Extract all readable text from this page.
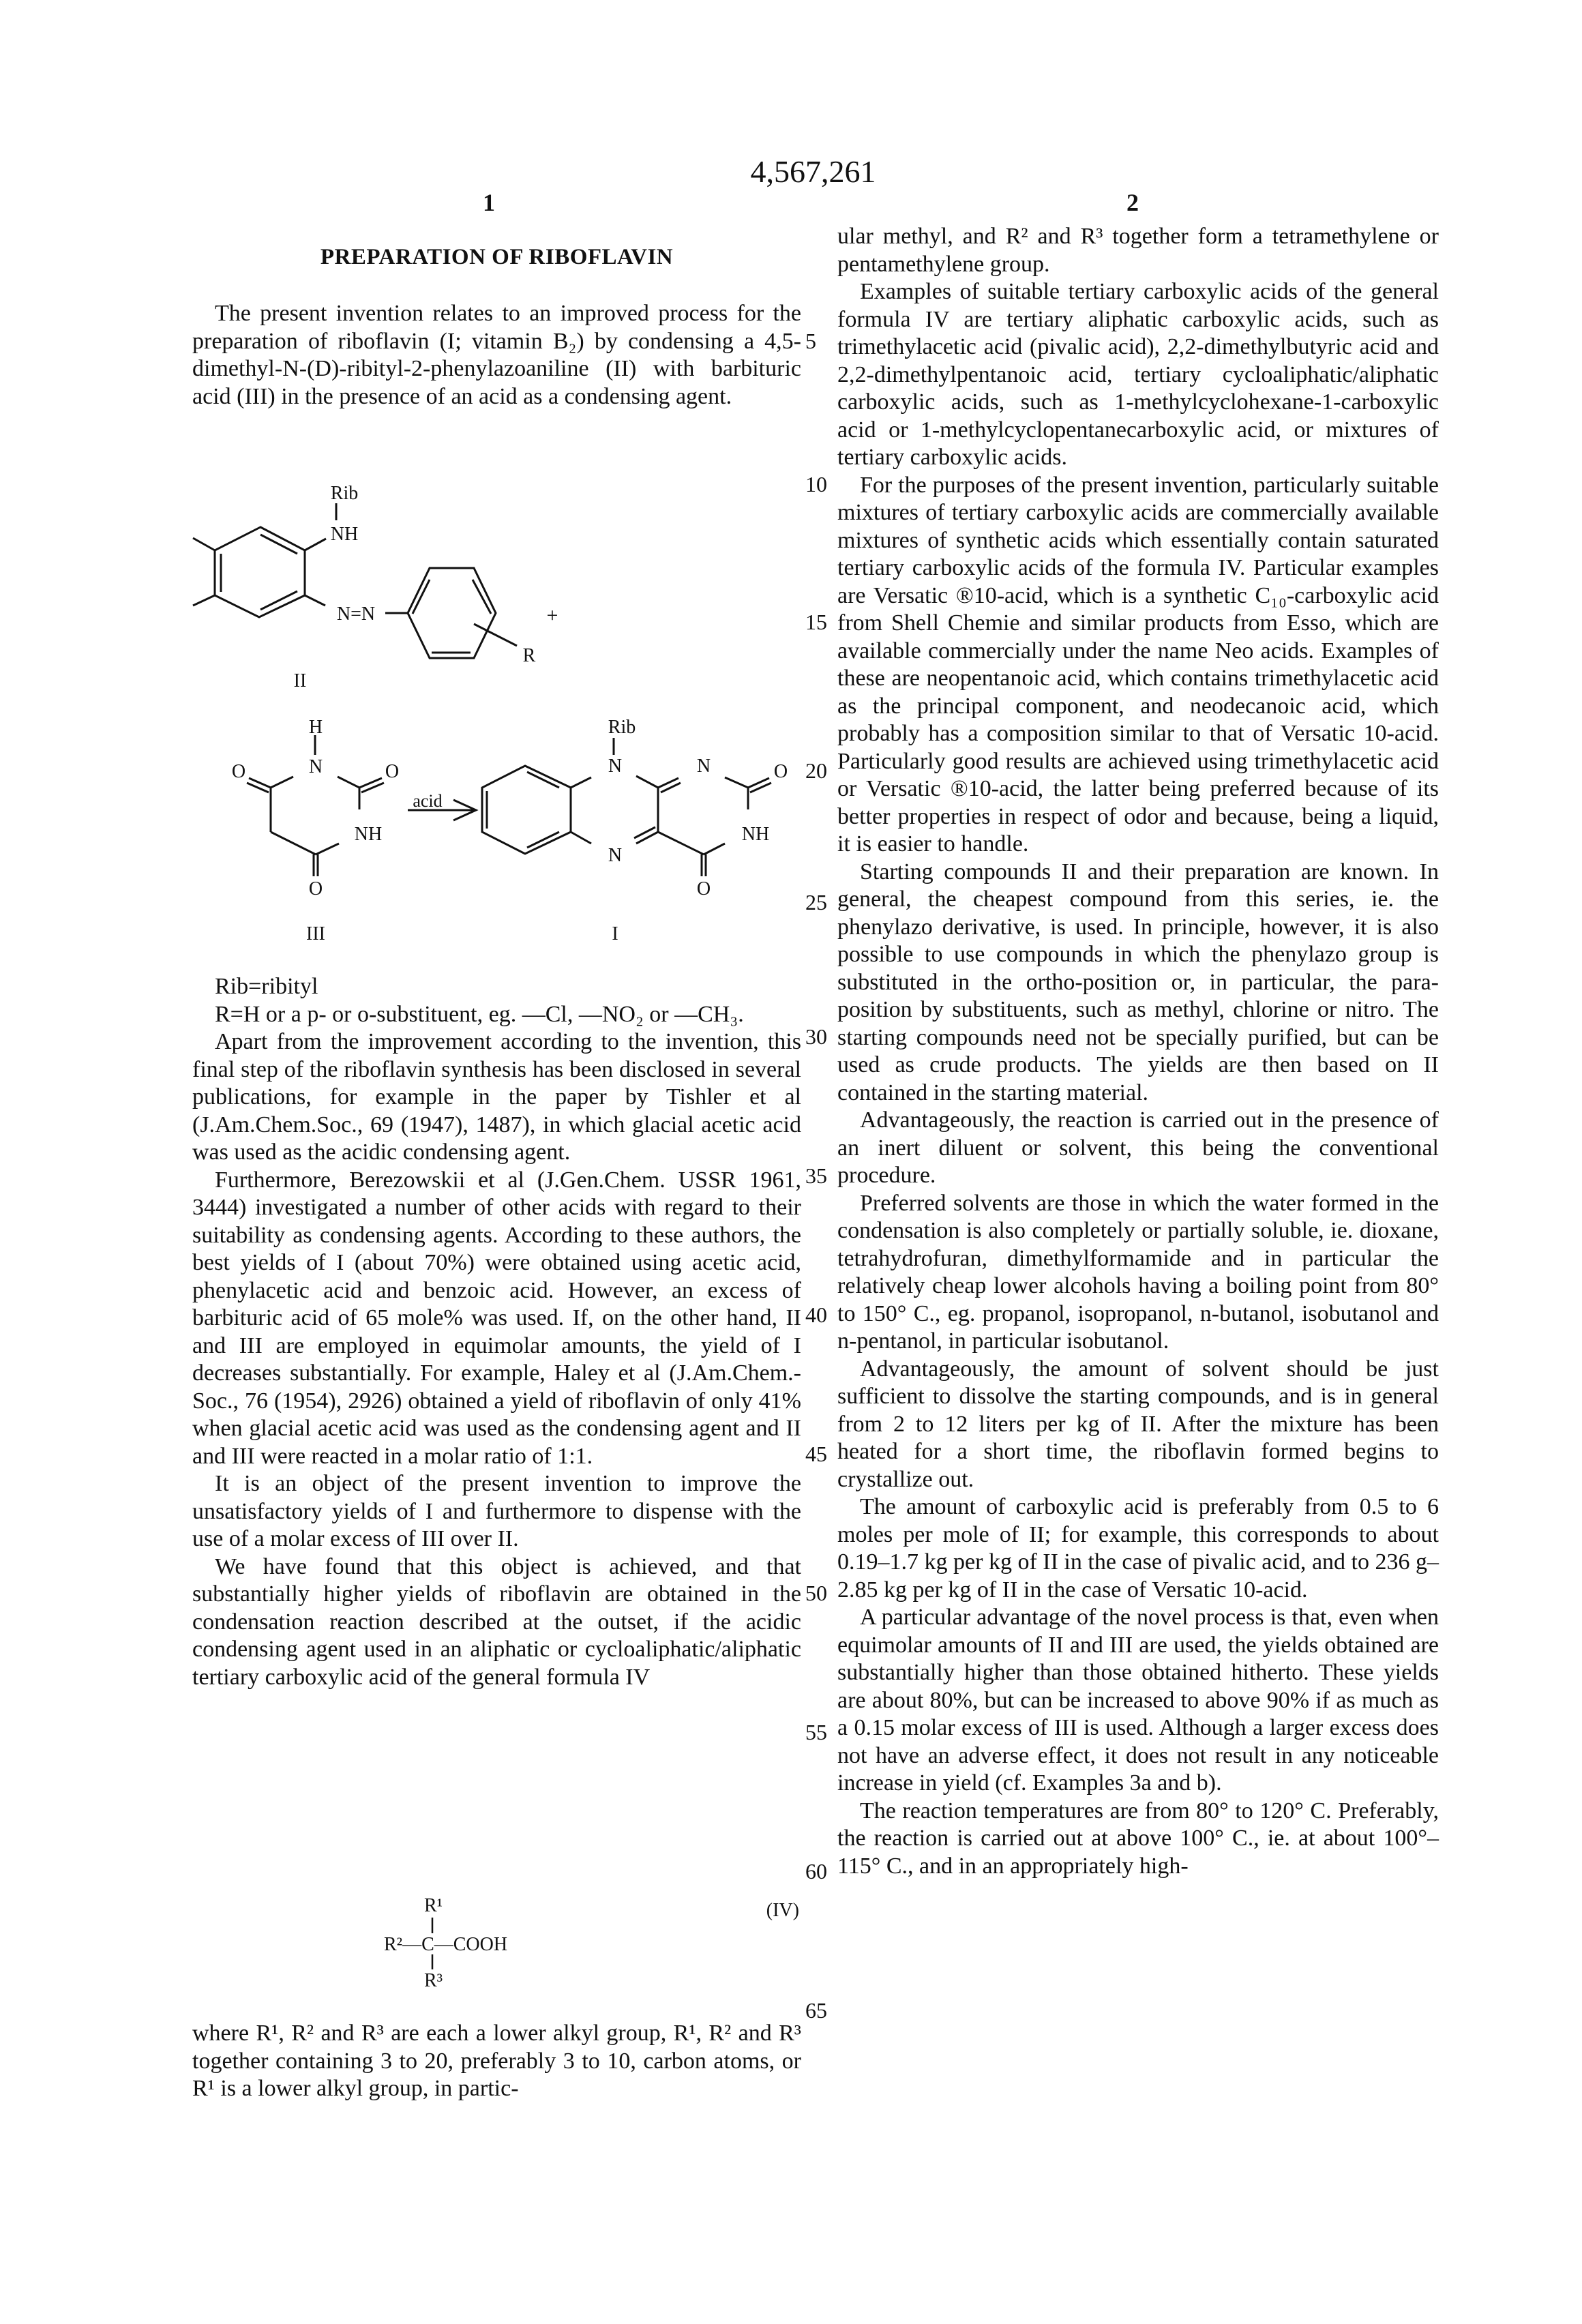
4,567,261
1	2
PREPARATION OF RIBOFLAVIN

The present invention relates to an improved process for the preparation of riboflavin (I; vitamin B₂) by condensing a 4,5-dimethyl-N-(D)-ribityl-2-phenylazoaniline (II) with barbituric acid (III) in the presence of an acid as a condensing agent.

Rib
NH
N=N
R
+
II
H
N
O	O
NH
O
III
acid
Rib
N
N
N	O
NH
O
I

Rib=ribityl

R=H or a p- or o-substituent, eg. —Cl, —NO₂ or —CH₃.

Apart from the improvement according to the invention, this final step of the riboflavin synthesis has been disclosed in several publications, for example in the paper by Tishler et al (J.Am.Chem.Soc., 69 (1947), 1487), in which glacial acetic acid was used as the acidic condensing agent.

Furthermore, Berezowskii et al (J.Gen.Chem. USSR 1961, 3444) investigated a number of other acids with regard to their suitability as condensing agents. According to these authors, the best yields of I (about 70%) were obtained using acetic acid, phenylacetic acid and benzoic acid. However, an excess of barbituric acid of 65 mole% was used. If, on the other hand, II and III are employed in equimolar amounts, the yield of I decreases substantially. For example, Haley et al (J.Am.Chem.-Soc., 76 (1954), 2926) obtained a yield of riboflavin of only 41% when glacial acetic acid was used as the condensing agent and II and III were reacted in a molar ratio of 1:1.

It is an object of the present invention to improve the unsatisfactory yields of I and furthermore to dispense with the use of a molar excess of III over II.

We have found that this object is achieved, and that substantially higher yields of riboflavin are obtained in the condensation reaction described at the outset, if the acidic condensing agent used in an aliphatic or cycloaliphatic/aliphatic tertiary carboxylic acid of the general formula IV

R¹
R²—C—COOH
R³
(IV)

where R¹, R² and R³ are each a lower alkyl group, R¹, R² and R³ together containing 3 to 20, preferably 3 to 10, carbon atoms, or R¹ is a lower alkyl group, in partic-

5
10
15
20
25
30
35
40
45
50
55
60
65

ular methyl, and R² and R³ together form a tetramethylene or pentamethylene group.

Examples of suitable tertiary carboxylic acids of the general formula IV are tertiary aliphatic carboxylic acids, such as trimethylacetic acid (pivalic acid), 2,2-dimethylbutyric acid and 2,2-dimethylpentanoic acid, tertiary cycloaliphatic/aliphatic carboxylic acids, such as 1-methylcyclohexane-1-carboxylic acid or 1-methylcyclopentanecarboxylic acid, or mixtures of tertiary carboxylic acids.

For the purposes of the present invention, particularly suitable mixtures of tertiary carboxylic acids are commercially available mixtures of synthetic acids which essentially contain saturated tertiary carboxylic acids of the formula IV. Particular examples are Versatic ®10-acid, which is a synthetic C₁₀-carboxylic acid from Shell Chemie and similar products from Esso, which are available commercially under the name Neo acids. Examples of these are neopentanoic acid, which contains trimethylacetic acid as the principal component, and neodecanoic acid, which probably has a composition similar to that of Versatic 10-acid. Particularly good results are achieved using trimethylacetic acid or Versatic ®10-acid, the latter being preferred because of its better properties in respect of odor and because, being a liquid, it is easier to handle.

Starting compounds II and their preparation are known. In general, the cheapest compound from this series, ie. the phenylazo derivative, is used. In principle, however, it is also possible to use compounds in which the phenylazo group is substituted in the ortho-position or, in particular, the para-position by substituents, such as methyl, chlorine or nitro. The starting compounds need not be specially purified, but can be used as crude products. The yields are then based on II contained in the starting material.

Advantageously, the reaction is carried out in the presence of an inert diluent or solvent, this being the conventional procedure.

Preferred solvents are those in which the water formed in the condensation is also completely or partially soluble, ie. dioxane, tetrahydrofuran, dimethylformamide and in particular the relatively cheap lower alcohols having a boiling point from 80° to 150° C., eg. propanol, isopropanol, n-butanol, isobutanol and n-pentanol, in particular isobutanol.

Advantageously, the amount of solvent should be just sufficient to dissolve the starting compounds, and is in general from 2 to 12 liters per kg of II. After the mixture has been heated for a short time, the riboflavin formed begins to crystallize out.

The amount of carboxylic acid is preferably from 0.5 to 6 moles per mole of II; for example, this corresponds to about 0.19–1.7 kg per kg of II in the case of pivalic acid, and to 236 g–2.85 kg per kg of II in the case of Versatic 10-acid.

A particular advantage of the novel process is that, even when equimolar amounts of II and III are used, the yields obtained are substantially higher than those obtained hitherto. These yields are about 80%, but can be increased to above 90% if as much as a 0.15 molar excess of III is used. Although a larger excess does not have an adverse effect, it does not result in any noticeable increase in yield (cf. Examples 3a and b).

The reaction temperatures are from 80° to 120° C. Preferably, the reaction is carried out at above 100° C., ie. at about 100°–115° C., and in an appropriately high-
